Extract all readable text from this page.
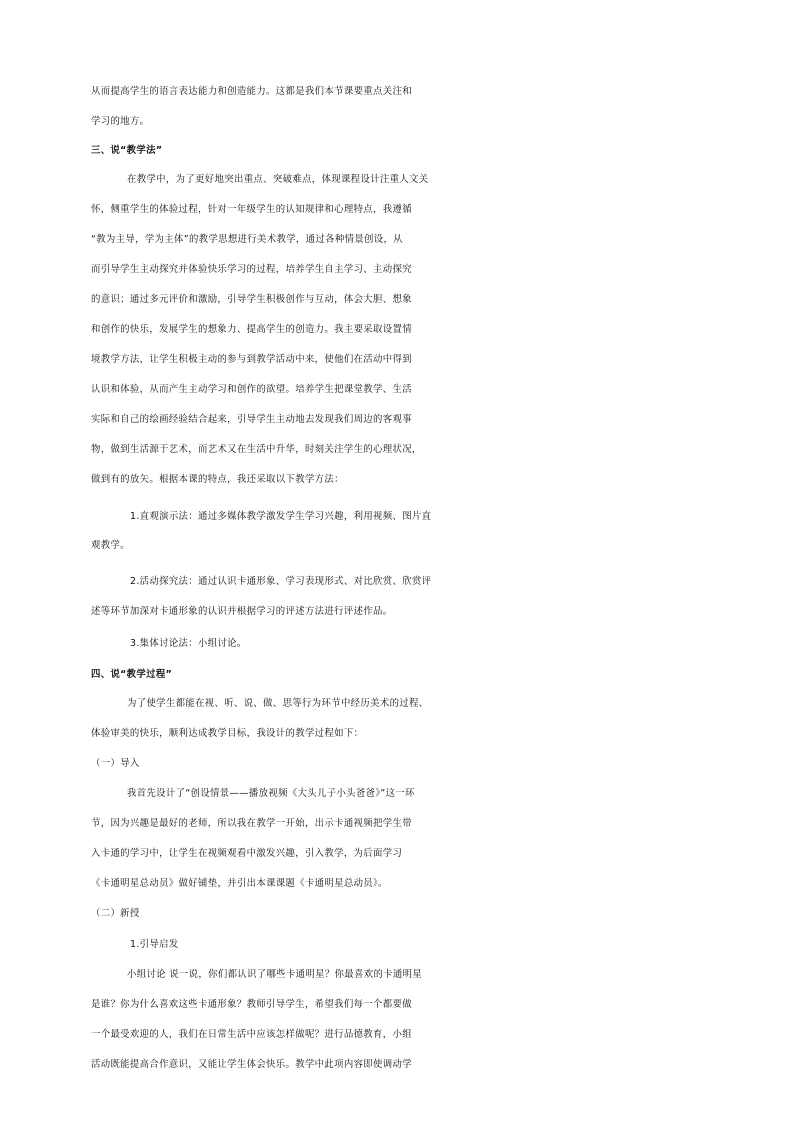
从而提高学生的语言表达能力和创造能力。这都是我们本节课要重点关注和
学习的地方。
三、说“教学法”
在教学中，为了更好地突出重点、突破难点，体现课程设计注重人文关
怀，侧重学生的体验过程，针对一年级学生的认知规律和心理特点，我遵循
“教为主导，学为主体”的教学思想进行美术教学，通过各种情景创设，从
而引导学生主动探究并体验快乐学习的过程，培养学生自主学习、主动探究
的意识；通过多元评价和激励，引导学生积极创作与互动，体会大胆、想象
和创作的快乐，发展学生的想象力、提高学生的创造力。我主要采取设置情
境教学方法，让学生积极主动的参与到教学活动中来，使他们在活动中得到
认识和体验，从而产生主动学习和创作的欲望。培养学生把课堂教学、生活
实际和自己的绘画经验结合起来，引导学生主动地去发现我们周边的客观事
物，做到生活源于艺术，而艺术又在生活中升华，时刻关注学生的心理状况，
做到有的放矢。根据本课的特点，我还采取以下教学方法：
1.直观演示法：通过多媒体教学激发学生学习兴趣，利用视频、图片直
观教学。
2.活动探究法：通过认识卡通形象、学习表现形式、对比欣赏、欣赏评
述等环节加深对卡通形象的认识并根据学习的评述方法进行评述作品。
3.集体讨论法：小组讨论。
四、说“教学过程”
为了使学生都能在视、听、说、做、思等行为环节中经历美术的过程、
体验审美的快乐，顺利达成教学目标，我设计的教学过程如下：
（一）导入
我首先设计了“创设情景——播放视频《大头儿子小头爸爸》”这一环
节，因为兴趣是最好的老师，所以我在教学一开始，出示卡通视频把学生带
入卡通的学习中，让学生在视频观看中激发兴趣，引入教学，为后面学习
《卡通明星总动员》做好铺垫，并引出本课课题《卡通明星总动员》。
（二）新授
1.引导启发
小组讨论 说一说，你们都认识了哪些卡通明星？你最喜欢的卡通明星
是谁？你为什么喜欢这些卡通形象？教师引导学生，希望我们每一个都要做
一个最受欢迎的人，我们在日常生活中应该怎样做呢？进行品德教育，小组
活动既能提高合作意识，又能让学生体会快乐。教学中此项内容即使调动学
